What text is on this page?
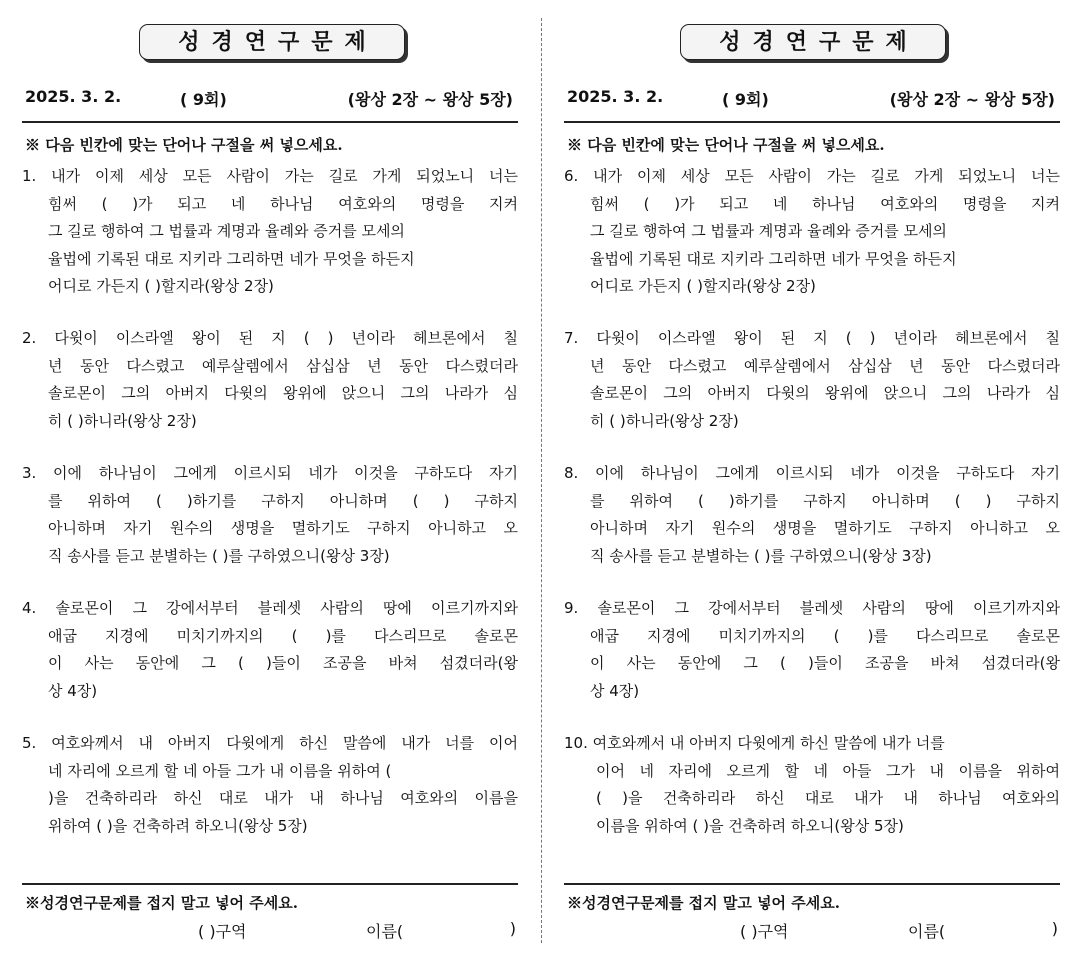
성경연구문제
2025. 3. 2.	( 9회)	(왕상 2장 ~ 왕상 5장)
※ 다음 빈칸에 맞는 단어나 구절을 써 넣으세요.
1. 내가 이제 세상 모든 사람이 가는 길로 가게 되었노니 너는
힘써 ( )가 되고 네 하나님 여호와의 명령을 지켜
그 길로 행하여 그 법률과 계명과 율례와 증거를 모세의
율법에 기록된 대로 지키라 그리하면 네가 무엇을 하든지
어디로 가든지 ( )할지라(왕상 2장)
2. 다윗이 이스라엘 왕이 된 지 ( ) 년이라 헤브론에서 칠
년 동안 다스렸고 예루살렘에서 삼십삼 년 동안 다스렸더라
솔로몬이 그의 아버지 다윗의 왕위에 앉으니 그의 나라가 심
히 ( )하니라(왕상 2장)
3. 이에 하나님이 그에게 이르시되 네가 이것을 구하도다 자기
를 위하여 ( )하기를 구하지 아니하며 ( ) 구하지
아니하며 자기 원수의 생명을 멸하기도 구하지 아니하고 오
직 송사를 듣고 분별하는 ( )를 구하였으니(왕상 3장)
4. 솔로몬이 그 강에서부터 블레셋 사람의 땅에 이르기까지와
애굽 지경에 미치기까지의 ( )를 다스리므로 솔로몬
이 사는 동안에 그 ( )들이 조공을 바쳐 섬겼더라(왕
상 4장)
5. 여호와께서 내 아버지 다윗에게 하신 말씀에 내가 너를 이어
네 자리에 오르게 할 네 아들 그가 내 이름을 위하여 (
)을 건축하리라 하신 대로 내가 내 하나님 여호와의 이름을
위하여 ( )을 건축하려 하오니(왕상 5장)
※성경연구문제를 접지 말고 넣어 주세요.
( )구역	이름(	)
성경연구문제
2025. 3. 2.	( 9회)	(왕상 2장 ~ 왕상 5장)
※ 다음 빈칸에 맞는 단어나 구절을 써 넣으세요.
6. 내가 이제 세상 모든 사람이 가는 길로 가게 되었노니 너는
힘써 ( )가 되고 네 하나님 여호와의 명령을 지켜
그 길로 행하여 그 법률과 계명과 율례와 증거를 모세의
율법에 기록된 대로 지키라 그리하면 네가 무엇을 하든지
어디로 가든지 ( )할지라(왕상 2장)
7. 다윗이 이스라엘 왕이 된 지 ( ) 년이라 헤브론에서 칠
년 동안 다스렸고 예루살렘에서 삼십삼 년 동안 다스렸더라
솔로몬이 그의 아버지 다윗의 왕위에 앉으니 그의 나라가 심
히 ( )하니라(왕상 2장)
8. 이에 하나님이 그에게 이르시되 네가 이것을 구하도다 자기
를 위하여 ( )하기를 구하지 아니하며 ( ) 구하지
아니하며 자기 원수의 생명을 멸하기도 구하지 아니하고 오
직 송사를 듣고 분별하는 ( )를 구하였으니(왕상 3장)
9. 솔로몬이 그 강에서부터 블레셋 사람의 땅에 이르기까지와
애굽 지경에 미치기까지의 ( )를 다스리므로 솔로몬
이 사는 동안에 그 ( )들이 조공을 바쳐 섬겼더라(왕
상 4장)
10. 여호와께서 내 아버지 다윗에게 하신 말씀에 내가 너를
이어 네 자리에 오르게 할 네 아들 그가 내 이름을 위하여
( )을 건축하리라 하신 대로 내가 내 하나님 여호와의
이름을 위하여 ( )을 건축하려 하오니(왕상 5장)
※성경연구문제를 접지 말고 넣어 주세요.
( )구역	이름(	)
